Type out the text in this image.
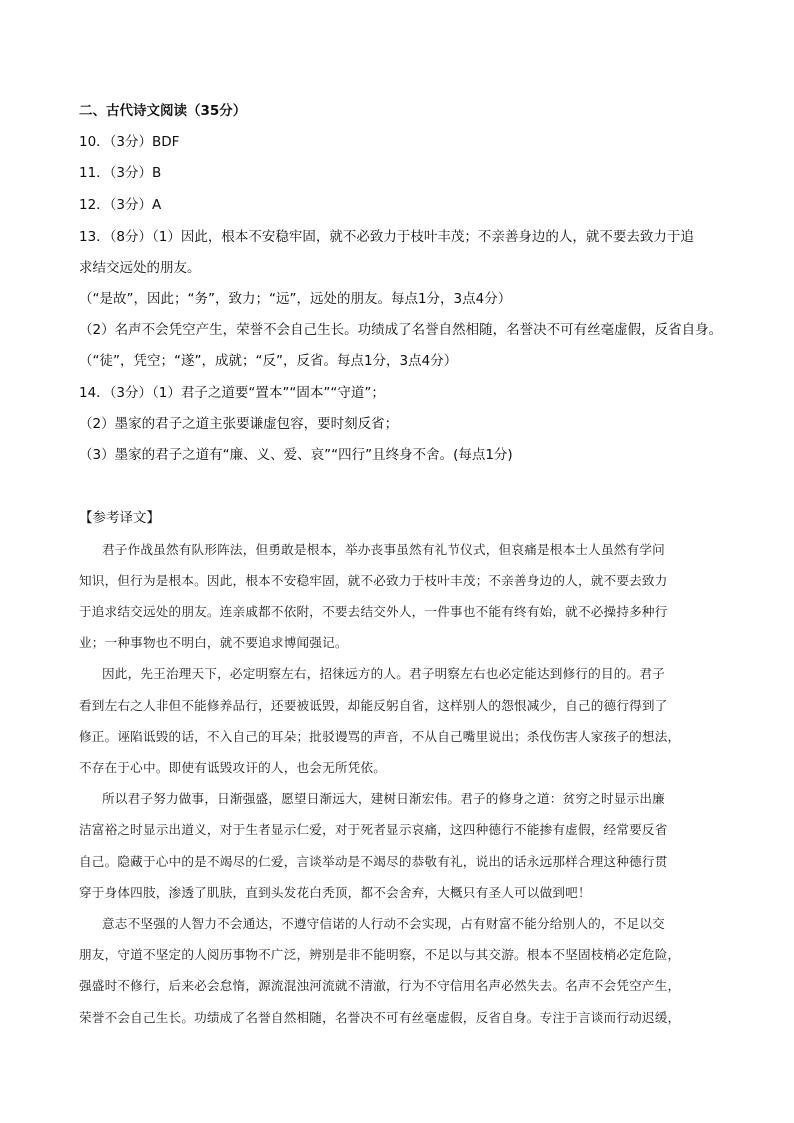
二、古代诗文阅读（35分）
10．（3分）BDF
11．（3分）B
12．（3分）A
13．（8分）（1）因此，根本不安稳牢固，就不必致力于枝叶丰茂；不亲善身边的人，就不要去致力于追
求结交远处的朋友。
（“是故”，因此；“务”，致力；“远”，远处的朋友。每点1分，3点4分）
（2）名声不会凭空产生，荣誉不会自己生长。功绩成了名誉自然相随，名誉决不可有丝毫虚假，反省自身。
（“徒”，凭空；“遂”，成就；“反”，反省。每点1分，3点4分）
14．（3分）（1）君子之道要“置本”“固本”“守道”；
（2）墨家的君子之道主张要谦虚包容，要时刻反省；
（3）墨家的君子之道有“廉、义、爱、哀”“四行”且终身不舍。(每点1分)
【参考译文】
君子作战虽然有队形阵法，但勇敢是根本，举办丧事虽然有礼节仪式，但哀痛是根本士人虽然有学问
知识，但行为是根本。因此，根本不安稳牢固，就不必致力于枝叶丰茂；不亲善身边的人，就不要去致力
于追求结交远处的朋友。连亲戚都不依附，不要去结交外人，一件事也不能有终有始，就不必操持多种行
业；一种事物也不明白，就不要追求博闻强记。
因此，先王治理天下，必定明察左右，招徕远方的人。君子明察左右也必定能达到修行的目的。君子
看到左右之人非但不能修养品行，还要被诋毁，却能反躬自省，这样别人的怨恨减少，自己的德行得到了
修正。诬陷诋毁的话，不入自己的耳朵；批驳谩骂的声音，不从自己嘴里说出；杀伐伤害人家孩子的想法，
不存在于心中。即使有诋毁攻讦的人，也会无所凭依。
所以君子努力做事，日渐强盛，愿望日渐远大，建树日渐宏伟。君子的修身之道：贫穷之时显示出廉
洁富裕之时显示出道义，对于生者显示仁爱，对于死者显示哀痛，这四种德行不能掺有虚假，经常要反省
自己。隐藏于心中的是不竭尽的仁爱，言谈举动是不竭尽的恭敬有礼，说出的话永远那样合理这种德行贯
穿于身体四肢，渗透了肌肤，直到头发花白秃顶，都不会舍弃，大概只有圣人可以做到吧！
意志不坚强的人智力不会通达，不遵守信诺的人行动不会实现，占有财富不能分给别人的，不足以交
朋友，守道不坚定的人阅历事物不广泛，辨别是非不能明察，不足以与其交游。根本不坚固枝梢必定危险，
强盛时不修行，后来必会怠惰，源流混浊河流就不清澈，行为不守信用名声必然失去。名声不会凭空产生，
荣誉不会自己生长。功绩成了名誉自然相随，名誉决不可有丝毫虚假，反省自身。专注于言谈而行动迟缓，
